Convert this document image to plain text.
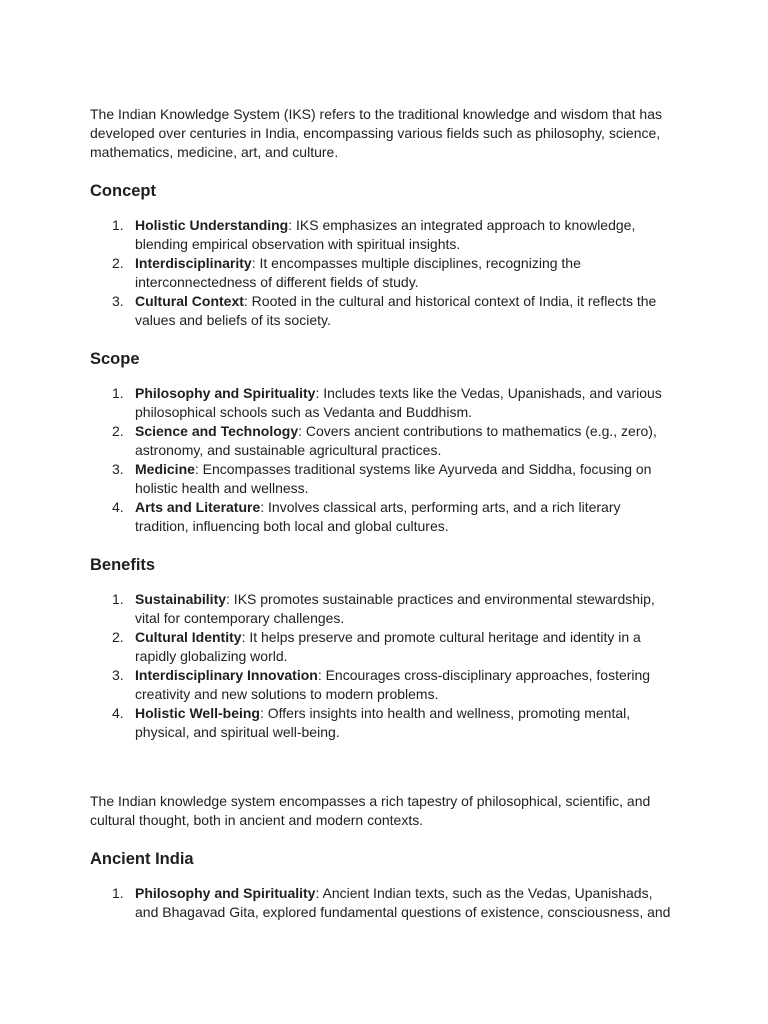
The Indian Knowledge System (IKS) refers to the traditional knowledge and wisdom that has developed over centuries in India, encompassing various fields such as philosophy, science, mathematics, medicine, art, and culture.

Concept
1. Holistic Understanding: IKS emphasizes an integrated approach to knowledge, blending empirical observation with spiritual insights.
2. Interdisciplinarity: It encompasses multiple disciplines, recognizing the interconnectedness of different fields of study.
3. Cultural Context: Rooted in the cultural and historical context of India, it reflects the values and beliefs of its society.
Scope
1. Philosophy and Spirituality: Includes texts like the Vedas, Upanishads, and various philosophical schools such as Vedanta and Buddhism.
2. Science and Technology: Covers ancient contributions to mathematics (e.g., zero), astronomy, and sustainable agricultural practices.
3. Medicine: Encompasses traditional systems like Ayurveda and Siddha, focusing on holistic health and wellness.
4. Arts and Literature: Involves classical arts, performing arts, and a rich literary tradition, influencing both local and global cultures.
Benefits
1. Sustainability: IKS promotes sustainable practices and environmental stewardship, vital for contemporary challenges.
2. Cultural Identity: It helps preserve and promote cultural heritage and identity in a rapidly globalizing world.
3. Interdisciplinary Innovation: Encourages cross-disciplinary approaches, fostering creativity and new solutions to modern problems.
4. Holistic Well-being: Offers insights into health and wellness, promoting mental, physical, and spiritual well-being.

The Indian knowledge system encompasses a rich tapestry of philosophical, scientific, and cultural thought, both in ancient and modern contexts.

Ancient India
1. Philosophy and Spirituality: Ancient Indian texts, such as the Vedas, Upanishads, and Bhagavad Gita, explored fundamental questions of existence, consciousness, and
